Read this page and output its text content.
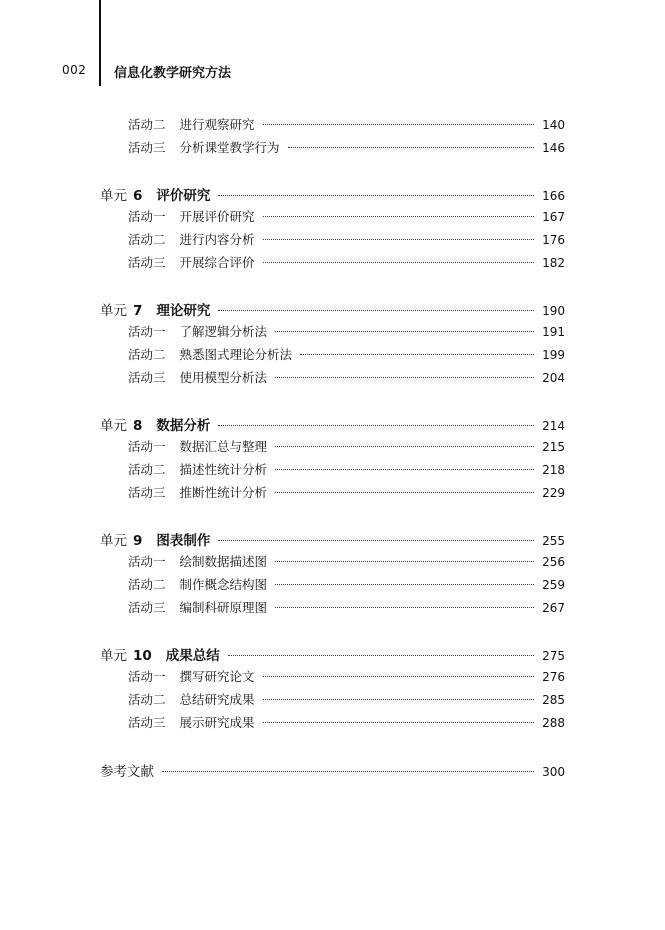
002 信息化教学研究方法
活动二 进行观察研究	140
活动三 分析课堂教学行为	146
单元 6 评价研究	166
活动一 开展评价研究	167
活动二 进行内容分析	176
活动三 开展综合评价	182
单元 7 理论研究	190
活动一 了解逻辑分析法	191
活动二 熟悉图式理论分析法	199
活动三 使用模型分析法	204
单元 8 数据分析	214
活动一 数据汇总与整理	215
活动二 描述性统计分析	218
活动三 推断性统计分析	229
单元 9 图表制作	255
活动一 绘制数据描述图	256
活动二 制作概念结构图	259
活动三 编制科研原理图	267
单元 10 成果总结	275
活动一 撰写研究论文	276
活动二 总结研究成果	285
活动三 展示研究成果	288
参考文献	300
